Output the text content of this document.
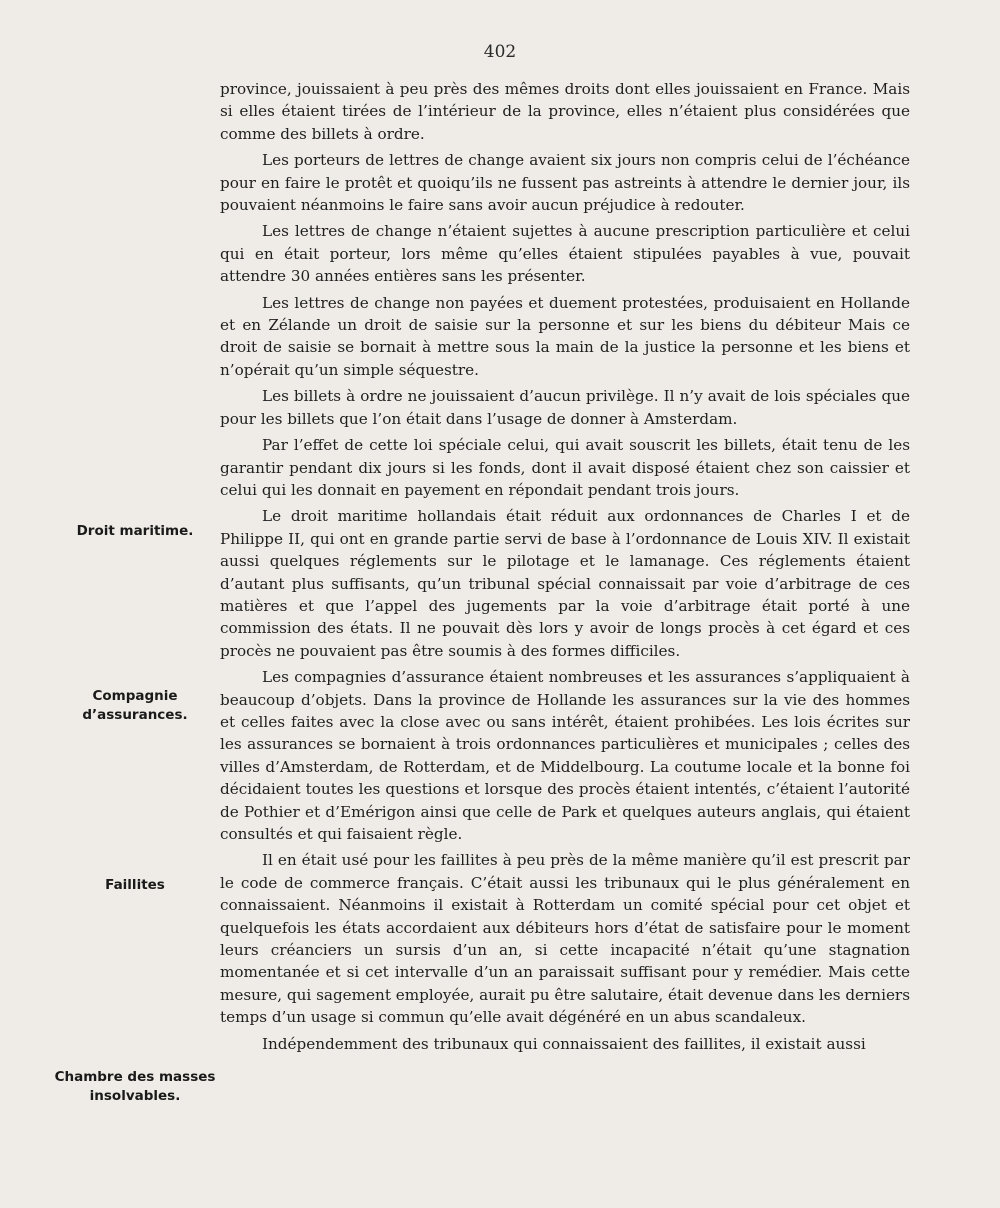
402
Droit maritime.
Compagnie d’assurances.
Faillites
Chambre des masses insolvables.

province, jouissaient à peu près des mêmes droits dont elles jouissaient en France. Mais si elles étaient tirées de l’intérieur de la province, elles n’étaient plus considérées que comme des billets à ordre.

Les porteurs de lettres de change avaient six jours non compris celui de l’échéance pour en faire le protêt et quoiqu’ils ne fussent pas astreints à attendre le dernier jour, ils pouvaient néanmoins le faire sans avoir aucun préjudice à redouter.

Les lettres de change n’étaient sujettes à aucune prescription particulière et celui qui en était porteur, lors même qu’elles étaient stipulées payables à vue, pouvait attendre 30 années entières sans les présenter.

Les lettres de change non payées et duement protestées, produisaient en Hollande et en Zélande un droit de saisie sur la personne et sur les biens du débiteur Mais ce droit de saisie se bornait à mettre sous la main de la justice la personne et les biens et n’opérait qu’un simple séquestre.

Les billets à ordre ne jouissaient d’aucun privilège. Il n’y avait de lois spéciales que pour les billets que l’on était dans l’usage de donner à Amsterdam.

Par l’effet de cette loi spéciale celui, qui avait souscrit les billets, était tenu de les garantir pendant dix jours si les fonds, dont il avait disposé étaient chez son caissier et celui qui les donnait en payement en répondait pendant trois jours.

Le droit maritime hollandais était réduit aux ordonnances de Charles I et de Philippe II, qui ont en grande partie servi de base à l’ordonnance de Louis XIV. Il existait aussi quelques réglements sur le pilotage et le lamanage. Ces réglements étaient d’autant plus suffisants, qu’un tribunal spécial connaissait par voie d’arbitrage de ces matières et que l’appel des jugements par la voie d’arbitrage était porté à une commission des états. Il ne pouvait dès lors y avoir de longs procès à cet égard et ces procès ne pouvaient pas être soumis à des formes difficiles.

Les compagnies d’assurance étaient nombreuses et les assurances s’appliquaient à beaucoup d’objets. Dans la province de Hollande les assurances sur la vie des hommes et celles faites avec la close avec ou sans intérêt, étaient prohibées. Les lois écrites sur les assurances se bornaient à trois ordonnances particulières et municipales ; celles des villes d’Amsterdam, de Rotterdam, et de Middelbourg. La coutume locale et la bonne foi décidaient toutes les questions et lorsque des procès étaient intentés, c’étaient l’autorité de Pothier et d’Emérigon ainsi que celle de Park et quelques auteurs anglais, qui étaient consultés et qui faisaient règle.

Il en était usé pour les faillites à peu près de la même manière qu’il est prescrit par le code de commerce français. C’était aussi les tribunaux qui le plus généralement en connaissaient. Néanmoins il existait à Rotterdam un comité spécial pour cet objet et quelquefois les états accordaient aux débiteurs hors d’état de satisfaire pour le moment leurs créanciers un sursis d’un an, si cette incapacité n’était qu’une stagnation momentanée et si cet intervalle d’un an paraissait suffisant pour y remédier. Mais cette mesure, qui sagement employée, aurait pu être salutaire, était devenue dans les derniers temps d’un usage si commun qu’elle avait dégénéré en un abus scandaleux.

Indépendemment des tribunaux qui connaissaient des faillites, il existait aussi
